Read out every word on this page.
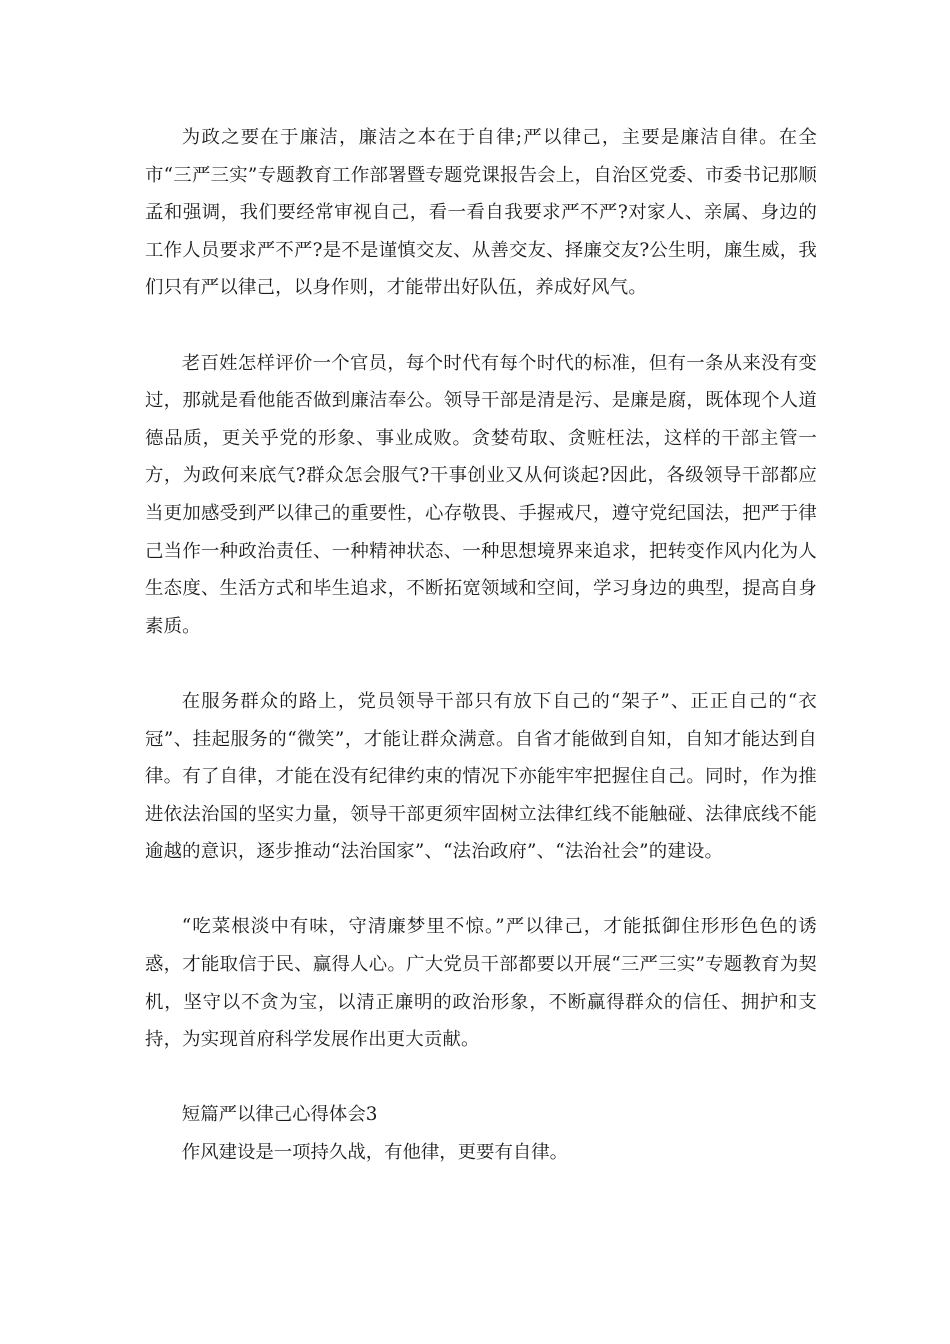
为政之要在于廉洁，廉洁之本在于自律;严以律己，主要是廉洁自律。在全市“三严三实”专题教育工作部署暨专题党课报告会上，自治区党委、市委书记那顺孟和强调，我们要经常审视自己，看一看自我要求严不严?对家人、亲属、身边的工作人员要求严不严?是不是谨慎交友、从善交友、择廉交友?公生明，廉生威，我们只有严以律己，以身作则，才能带出好队伍，养成好风气。

老百姓怎样评价一个官员，每个时代有每个时代的标准，但有一条从来没有变过，那就是看他能否做到廉洁奉公。领导干部是清是污、是廉是腐，既体现个人道德品质，更关乎党的形象、事业成败。贪婪苟取、贪赃枉法，这样的干部主管一方，为政何来底气?群众怎会服气?干事创业又从何谈起?因此，各级领导干部都应当更加感受到严以律己的重要性，心存敬畏、手握戒尺，遵守党纪国法，把严于律己当作一种政治责任、一种精神状态、一种思想境界来追求，把转变作风内化为人生态度、生活方式和毕生追求，不断拓宽领域和空间，学习身边的典型，提高自身素质。

在服务群众的路上，党员领导干部只有放下自己的“架子”、正正自己的“衣冠”、挂起服务的“微笑”，才能让群众满意。自省才能做到自知，自知才能达到自律。有了自律，才能在没有纪律约束的情况下亦能牢牢把握住自己。同时，作为推进依法治国的坚实力量，领导干部更须牢固树立法律红线不能触碰、法律底线不能逾越的意识，逐步推动“法治国家”、“法治政府”、“法治社会”的建设。

“吃菜根淡中有味，守清廉梦里不惊。”严以律己，才能抵御住形形色色的诱惑，才能取信于民、赢得人心。广大党员干部都要以开展“三严三实”专题教育为契机，坚守以不贪为宝，以清正廉明的政治形象，不断赢得群众的信任、拥护和支持，为实现首府科学发展作出更大贡献。

短篇严以律己心得体会3

作风建设是一项持久战，有他律，更要有自律。
